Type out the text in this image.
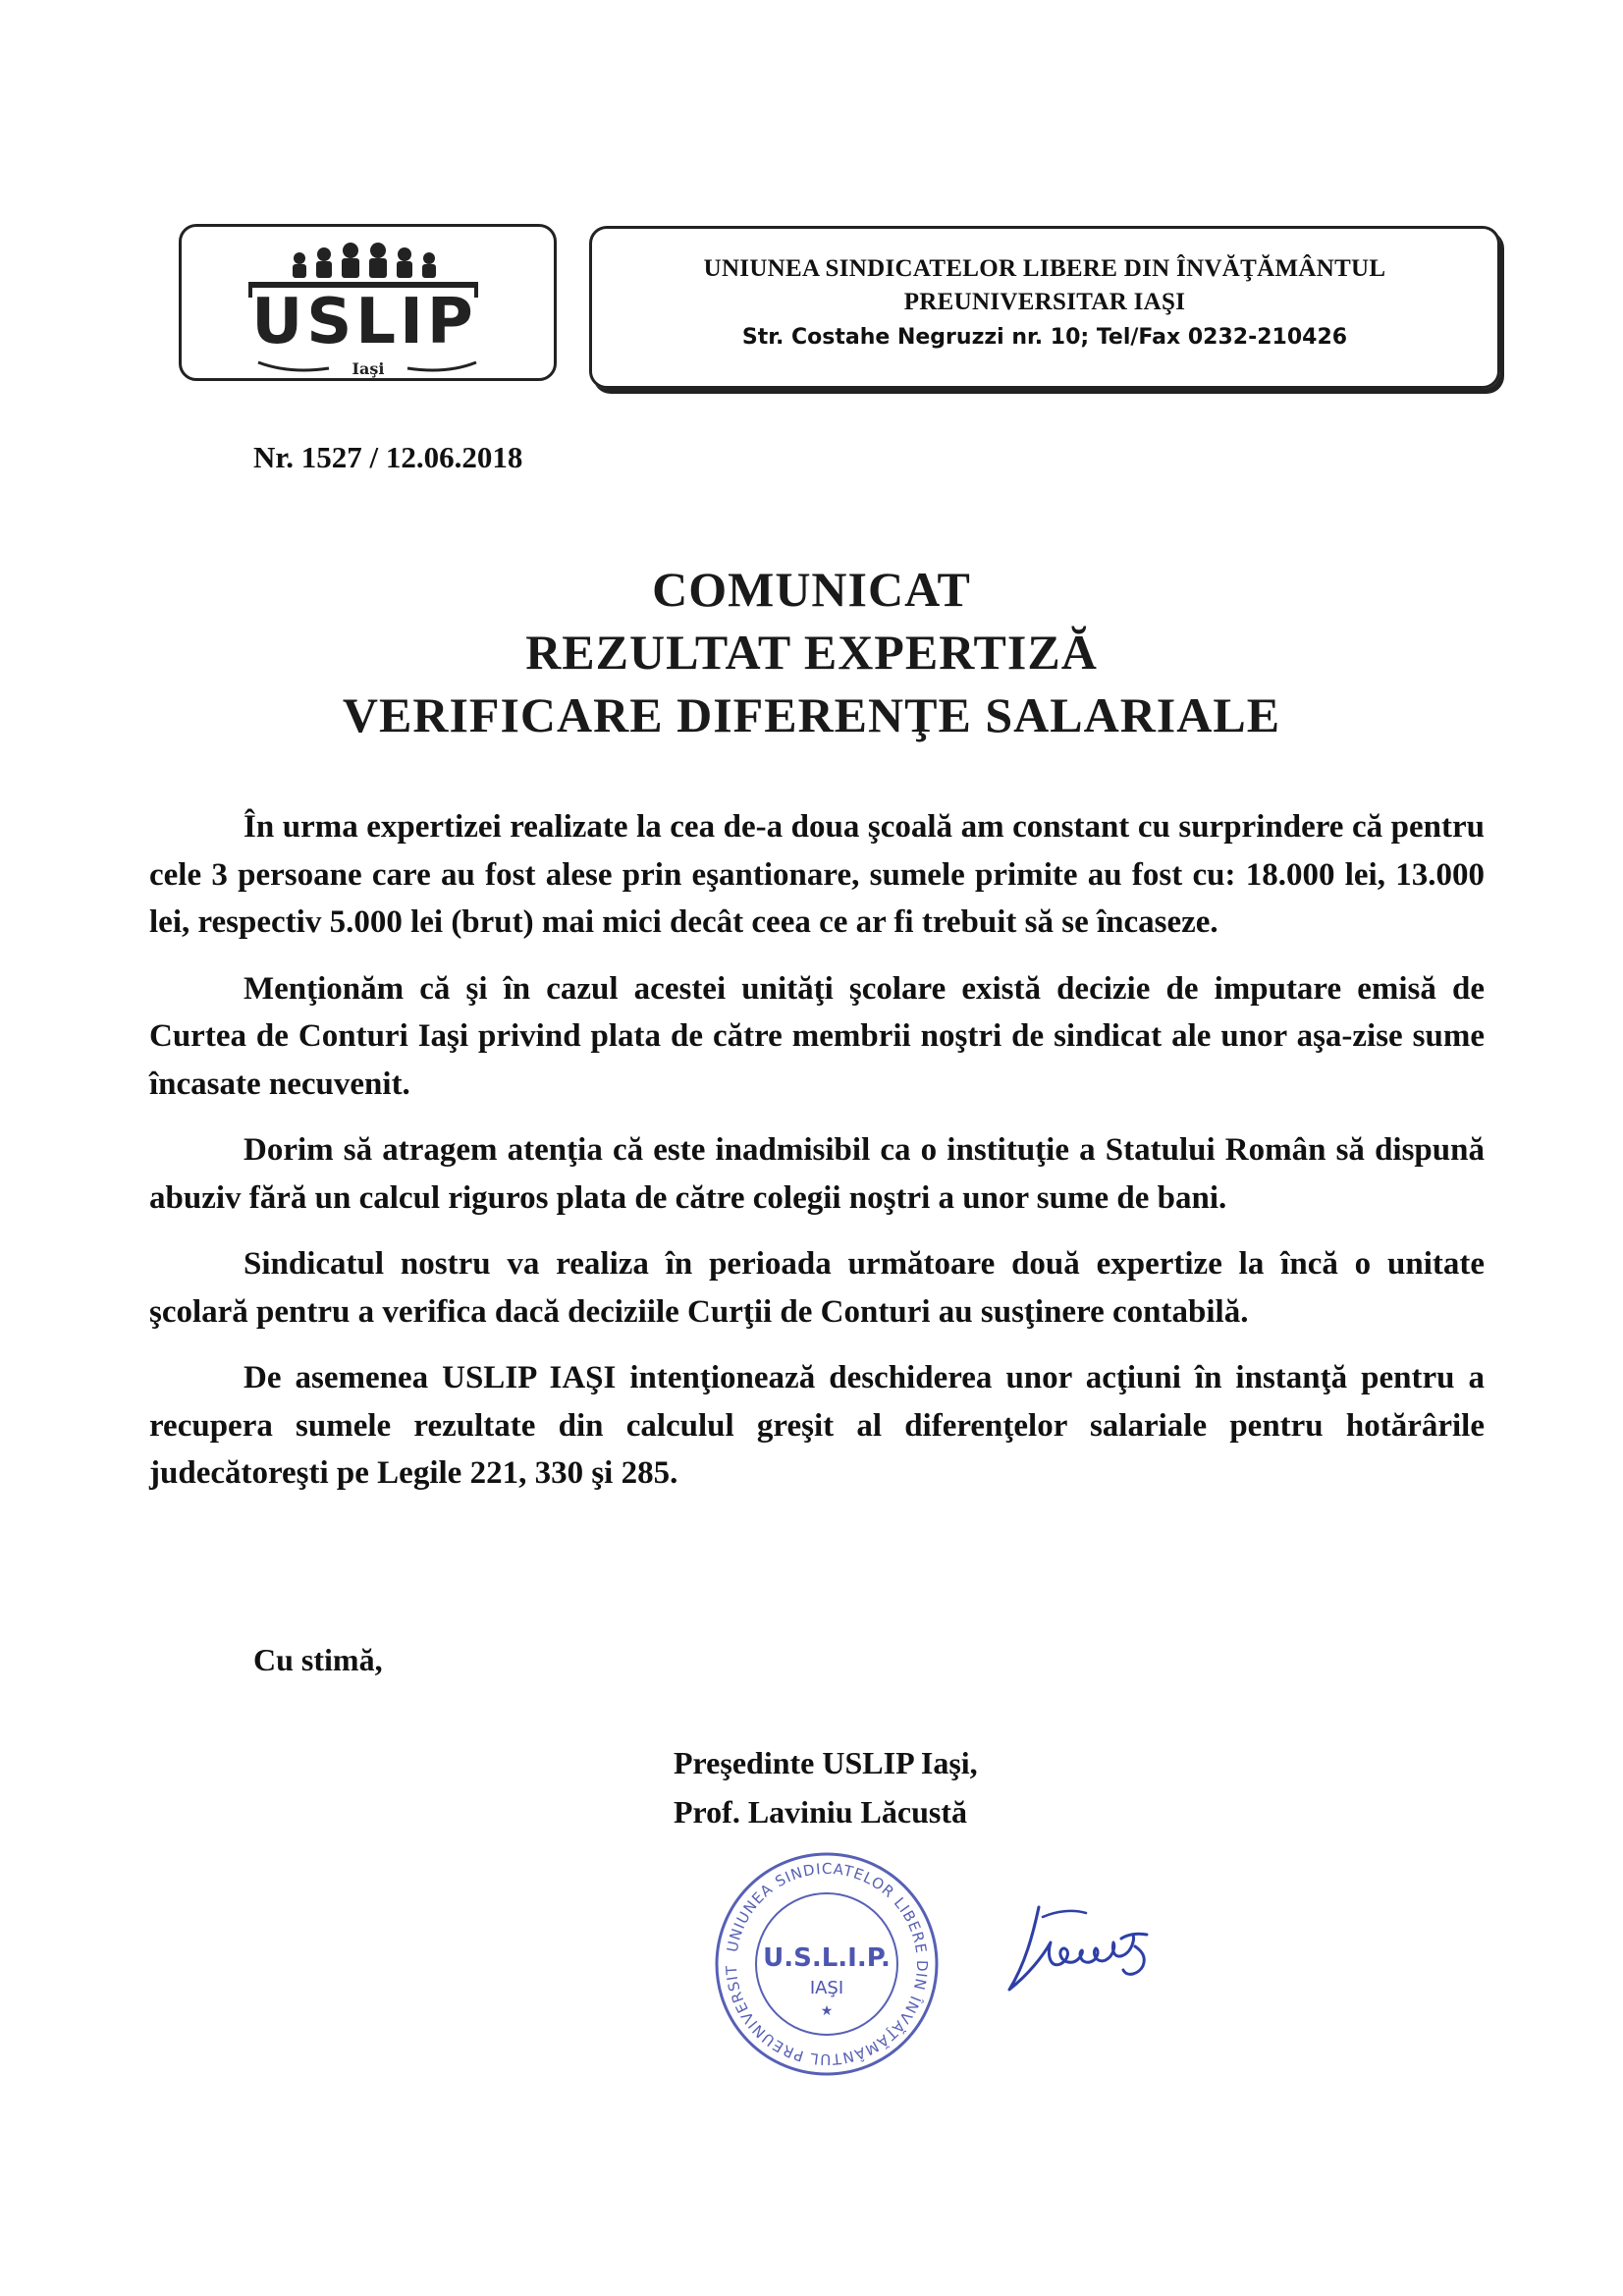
USLIP
Iaşi
UNIUNEA SINDICATELOR LIBERE DIN ÎNVĂŢĂMÂNTUL
PREUNIVERSITAR IAŞI
Str. Costahe Negruzzi nr. 10; Tel/Fax 0232-210426
Nr. 1527 / 12.06.2018
COMUNICAT
REZULTAT EXPERTIZĂ
VERIFICARE DIFERENŢE SALARIALE

În urma expertizei realizate la cea de-a doua şcoală am constant cu surprindere că pentru cele 3 persoane care au fost alese prin eşantionare, sumele primite au fost cu: 18.000 lei, 13.000 lei, respectiv 5.000 lei (brut) mai mici decât ceea ce ar fi trebuit să se încaseze.

Menţionăm că şi în cazul acestei unităţi şcolare există decizie de imputare emisă de Curtea de Conturi Iaşi privind plata de către membrii noştri de sindicat ale unor aşa-zise sume încasate necuvenit.

Dorim să atragem atenţia că este inadmisibil ca o instituţie a Statului Român să dispună abuziv fără un calcul riguros plata de către colegii noştri a unor sume de bani.

Sindicatul nostru va realiza în perioada următoare două expertize la încă o unitate şcolară pentru a verifica dacă deciziile Curţii de Conturi au susţinere contabilă.

De asemenea USLIP IAŞI intenţionează deschiderea unor acţiuni în instanţă pentru a recupera sumele rezultate din calculul greşit al diferenţelor salariale pentru hotărârile judecătoreşti pe Legile 221, 330 şi 285.

Cu stimă,
Preşedinte USLIP Iaşi,
Prof. Laviniu Lăcustă
UNIUNEA SINDICATELOR LIBERE DIN ÎNVĂŢĂMÂNTUL PREUNIVERSIT U.S.L.I.P.
IAŞI
★
